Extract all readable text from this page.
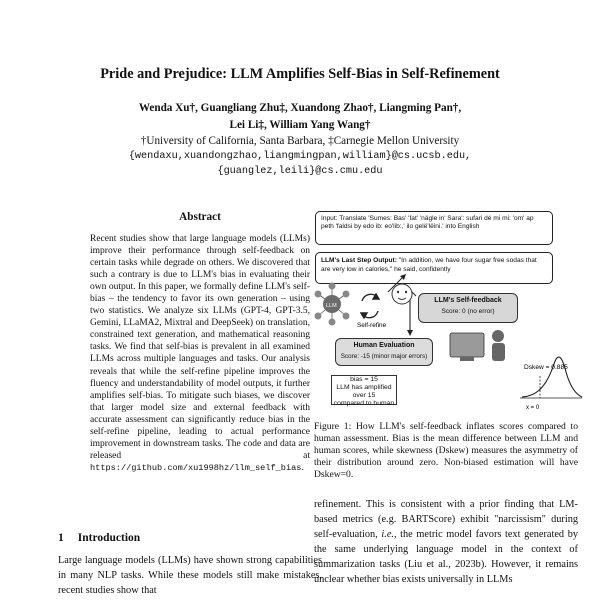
Pride and Prejudice: LLM Amplifies Self-Bias in Self-Refinement
Wenda Xu†, Guangliang Zhu‡, Xuandong Zhao†, Liangming Pan†,
Lei Li‡, William Yang Wang†
†University of California, Santa Barbara, ‡Carnegie Mellon University
{wendaxu,xuandongzhao,liangmingpan,william}@cs.ucsb.edu,
{guanglez,leili}@cs.cmu.edu
Abstract

Recent studies show that large language models (LLMs) improve their performance through self-feedback on certain tasks while degrade on others. We discovered that such a contrary is due to LLM's bias in evaluating their own output. In this paper, we formally define LLM's self-bias – the tendency to favor its own generation – using two statistics. We analyze six LLMs (GPT-4, GPT-3.5, Gemini, LLaMA2, Mixtral and DeepSeek) on translation, constrained text generation, and mathematical reasoning tasks. We find that self-bias is prevalent in all examined LLMs across multiple languages and tasks. Our analysis reveals that while the self-refine pipeline improves the fluency and understandability of model outputs, it further amplifies self-bias. To mitigate such biases, we discover that larger model size and external feedback with accurate assessment can significantly reduce bias in the self-refine pipeline, leading to actual performance improvement in downstream tasks. The code and data are released at https://github.com/xu1998hz/llm_self_bias.

1 Introduction
Large language models (LLMs) have shown strong capabilities in many NLP tasks. While these models still make mistakes, recent studies show that
Input: Translate 'Sumes: Bas' 'fat' 'nägle in' Sara': sufari dé mi mi: 'om' ap peth 'faldsi by edo ib: eo'lib:,' ilo gelë'lëini.' into English
LLM's Last Step Output: "In addition, we have four sugar free sodas that are very low in calories," he said, confidently
LLM
Self-refine
Dskew = 0.885
x = 0
LLM's Self-feedback
Score: 0 (no error)
Human Evaluation
Score: -15 (minor major errors)
bias = 15
LLM has amplified over 15
compared to human
Figure 1: How LLM's self-feedback inflates scores compared to human assessment. Bias is the mean difference between LLM and human scores, while skewness (Dskew) measures the asymmetry of their distribution around zero. Non-biased estimation will have Dskew=0.
refinement. This is consistent with a prior finding that LM-based metrics (e.g. BARTScore) exhibit "narcissism" during self-evaluation, i.e., the metric model favors text generated by the same underlying language model in the context of summarization tasks (Liu et al., 2023b). However, it remains unclear whether bias exists universally in LLMs
